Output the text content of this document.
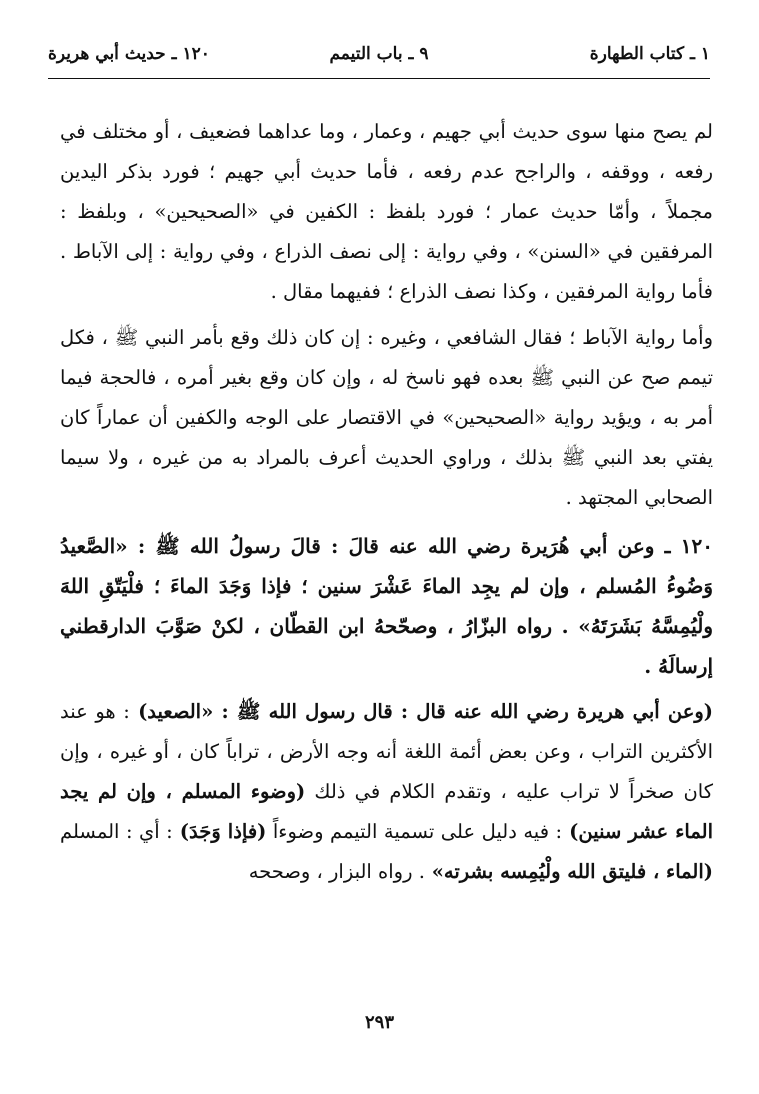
١ ـ كتاب الطهارة
٩ ـ باب التيمم
١٢٠ ـ حديث أبي هريرة

لم يصح منها سوى حديث أبي جهيم ، وعمار ، وما عداهما فضعيف ، أو مختلف في رفعه ، ووقفه ، والراجح عدم رفعه ، فأما حديث أبي جهيم ؛ فورد بذكر اليدين مجملاً ، وأمّا حديث عمار ؛ فورد بلفظ : الكفين في «الصحيحين» ، وبلفظ : المرفقين في «السنن» ، وفي رواية : إلى نصف الذراع ، وفي رواية : إلى الآباط . فأما رواية المرفقين ، وكذا نصف الذراع ؛ ففيهما مقال .

وأما رواية الآباط ؛ فقال الشافعي ، وغيره : إن كان ذلك وقع بأمر النبي ﷺ ، فكل تيمم صح عن النبي ﷺ بعده فهو ناسخ له ، وإن كان وقع بغير أمره ، فالحجة فيما أمر به ، ويؤيد رواية «الصحيحين» في الاقتصار على الوجه والكفين أن عماراً كان يفتي بعد النبي ﷺ بذلك ، وراوي الحديث أعرف بالمراد به من غيره ، ولا سيما الصحابي المجتهد .

١٢٠ ـ وعن أبي هُرَيرة رضي الله عنه قالَ : قالَ رسولُ الله ﷺ : «الصَّعيدُ وَضُوءُ المُسلم ، وإن لم يجِد الماءَ عَشْرَ سنين ؛ فإذا وَجَدَ الماءَ ؛ فلْيَتّقِ اللهَ ولْيُمِسَّهُ بَشَرَتَهُ» . رواه البزّارُ ، وصحّحهُ ابن القطّان ، لكنْ صَوَّبَ الدارقطني إرسالَهُ .

(وعن أبي هريرة رضي الله عنه قال : قال رسول الله ﷺ : «الصعيد) : هو عند الأكثرين التراب ، وعن بعض أئمة اللغة أنه وجه الأرض ، تراباً كان ، أو غيره ، وإن كان صخراً لا تراب عليه ، وتقدم الكلام في ذلك (وضوء المسلم ، وإن لم يجد الماء عشر سنين) : فيه دليل على تسمية التيمم وضوءاً (فإذا وَجَدَ) : أي : المسلم (الماء ، فليتق الله ولْيُمِسه بشرته» . رواه البزار ، وصححه

٢٩٣
